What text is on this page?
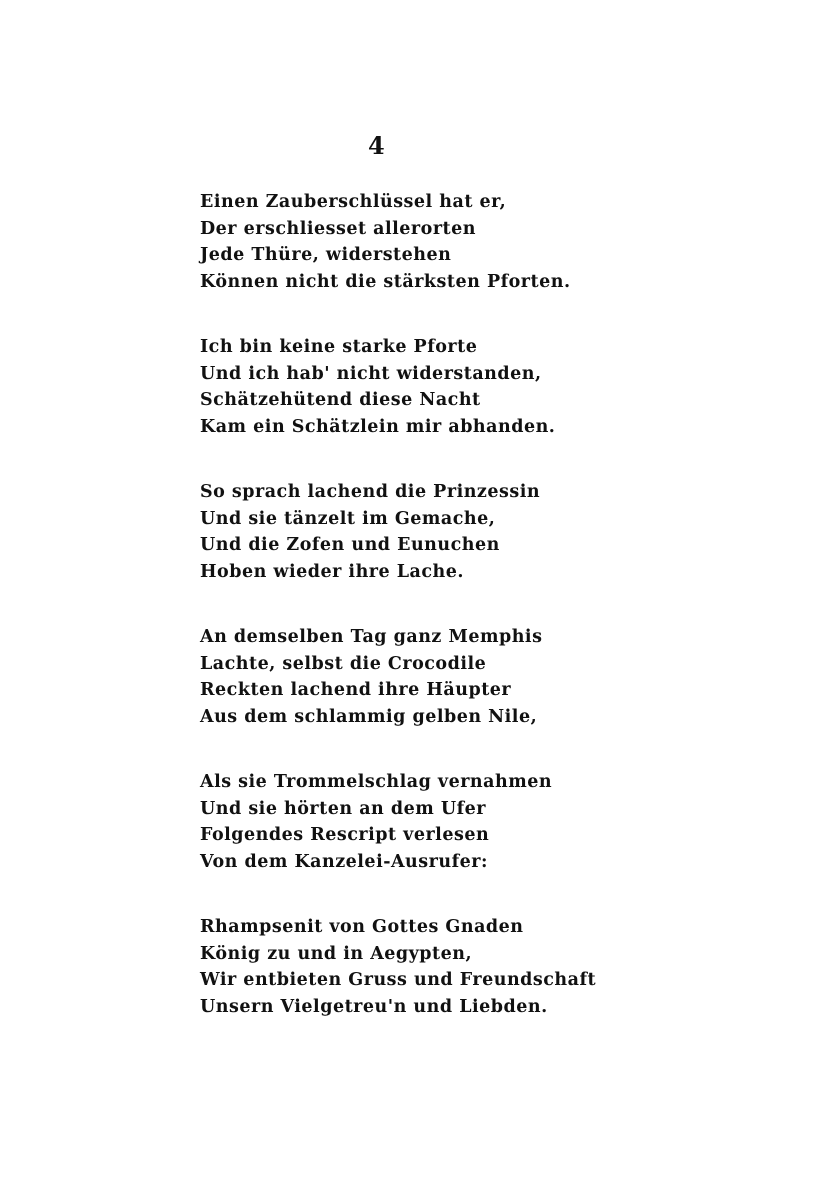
4
Einen Zauberschlüssel hat er,
Der erschliesset allerorten
Jede Thüre, widerstehen
Können nicht die stärksten Pforten.
Ich bin keine starke Pforte
Und ich hab' nicht widerstanden,
Schätzehütend diese Nacht
Kam ein Schätzlein mir abhanden.
So sprach lachend die Prinzessin
Und sie tänzelt im Gemache,
Und die Zofen und Eunuchen
Hoben wieder ihre Lache.
An demselben Tag ganz Memphis
Lachte, selbst die Crocodile
Reckten lachend ihre Häupter
Aus dem schlammig gelben Nile,
Als sie Trommelschlag vernahmen
Und sie hörten an dem Ufer
Folgendes Rescript verlesen
Von dem Kanzelei-Ausrufer:
Rhampsenit von Gottes Gnaden
König zu und in Aegypten,
Wir entbieten Gruss und Freundschaft
Unsern Vielgetreu'n und Liebden.
